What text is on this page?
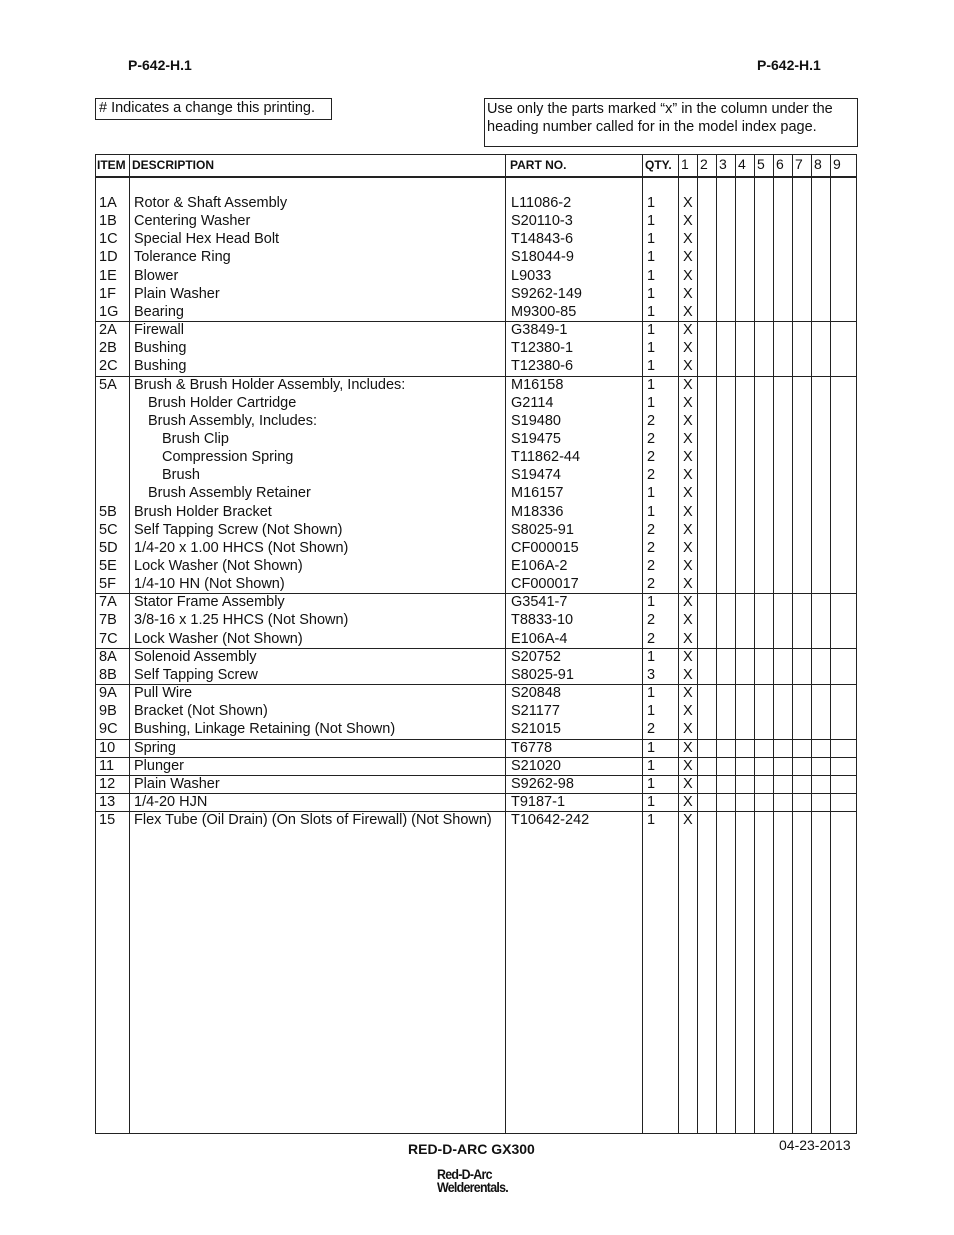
P-642-H.1	P-642-H.1
# Indicates a change this printing.	Use only the parts marked “x” in the column under the heading number called for in the model index page.
ITEM DESCRIPTION	PART NO.	QTY. 1 2 3 4 5 6 7 8 9
1A Rotor & Shaft Assembly	L11086-2	1 X
1B Centering Washer	S20110-3	1 X
1C Special Hex Head Bolt	T14843-6	1 X
1D Tolerance Ring	S18044-9	1 X
1E Blower	L9033	1 X
1F Plain Washer	S9262-149	1 X
1G Bearing	M9300-85	1 X
2A Firewall	G3849-1	1 X
2B Bushing	T12380-1	1 X
2C Bushing	T12380-6	1 X
5A Brush & Brush Holder Assembly, Includes:	M16158	1 X
Brush Holder Cartridge	G2114	1 X
Brush Assembly, Includes:	S19480	2 X
Brush Clip	S19475	2 X
Compression Spring	T11862-44	2 X
Brush	S19474	2 X
Brush Assembly Retainer	M16157	1 X
5B Brush Holder Bracket	M18336	1 X
5C Self Tapping Screw (Not Shown)	S8025-91	2 X
5D 1/4-20 x 1.00 HHCS (Not Shown)	CF000015	2 X
5E Lock Washer (Not Shown)	E106A-2	2 X
5F 1/4-10 HN (Not Shown)	CF000017	2 X
7A Stator Frame Assembly	G3541-7	1 X
7B 3/8-16 x 1.25 HHCS (Not Shown)	T8833-10	2 X
7C Lock Washer (Not Shown)	E106A-4	2 X
8A Solenoid Assembly	S20752	1 X
8B Self Tapping Screw	S8025-91	3 X
9A Pull Wire	S20848	1 X
9B Bracket (Not Shown)	S21177	1 X
9C Bushing, Linkage Retaining (Not Shown)	S21015	2 X
10 Spring	T6778	1 X
11 Plunger	S21020	1 X
12 Plain Washer	S9262-98	1 X
13 1/4-20 HJN	T9187-1	1 X
15 Flex Tube (Oil Drain) (On Slots of Firewall) (Not Shown) T10642-242	1 X
RED-D-ARC GX300	04-23-2013
Red-D-Arc
Welderentals.
